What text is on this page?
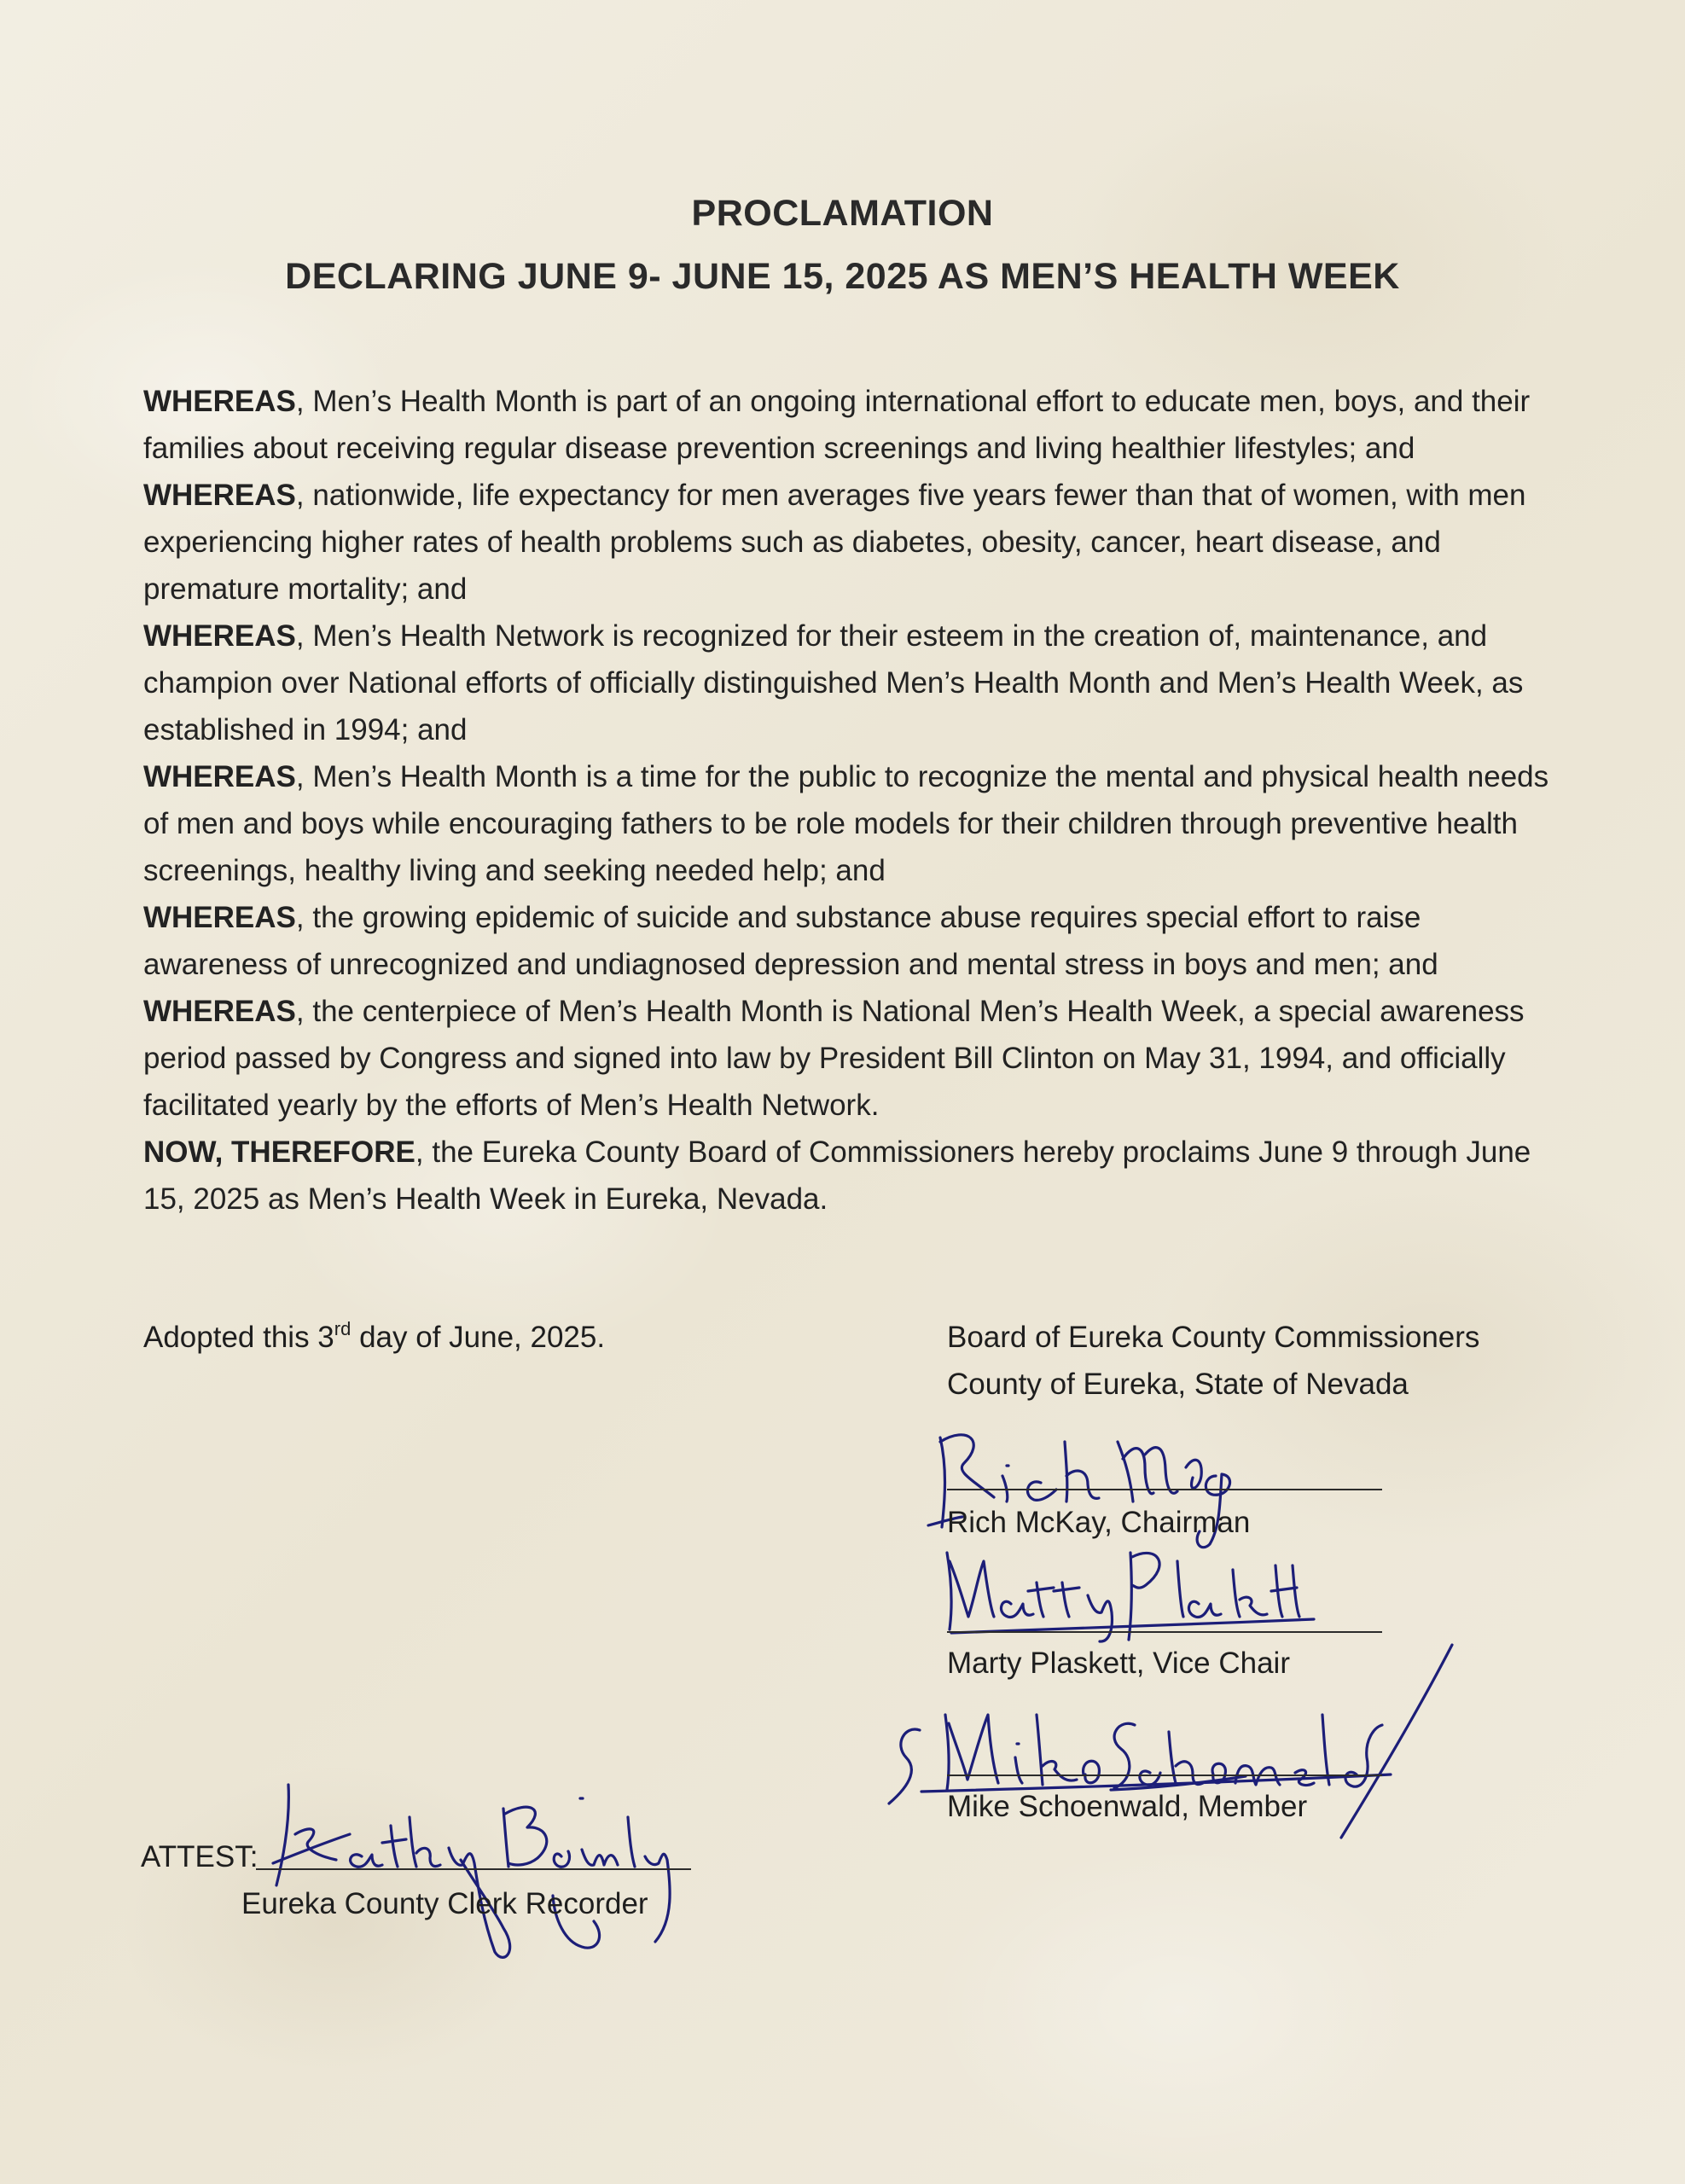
PROCLAMATION
DECLARING JUNE 9- JUNE 15, 2025 AS MEN’S HEALTH WEEK

WHEREAS, Men’s Health Month is part of an ongoing international effort to educate men, boys, and their families about receiving regular disease prevention screenings and living healthier lifestyles; and

WHEREAS, nationwide, life expectancy for men averages five years fewer than that of women, with men experiencing higher rates of health problems such as diabetes, obesity, cancer, heart disease, and premature mortality; and

WHEREAS, Men’s Health Network is recognized for their esteem in the creation of, maintenance, and champion over National efforts of officially distinguished Men’s Health Month and Men’s Health Week, as established in 1994; and

WHEREAS, Men’s Health Month is a time for the public to recognize the mental and physical health needs of men and boys while encouraging fathers to be role models for their children through preventive health screenings, healthy living and seeking needed help; and

WHEREAS, the growing epidemic of suicide and substance abuse requires special effort to raise awareness of unrecognized and undiagnosed depression and mental stress in boys and men; and

WHEREAS, the centerpiece of Men’s Health Month is National Men’s Health Week, a special awareness period passed by Congress and signed into law by President Bill Clinton on May 31, 1994, and officially facilitated yearly by the efforts of Men’s Health Network.

NOW, THEREFORE, the Eureka County Board of Commissioners hereby proclaims June 9 through June 15, 2025 as Men’s Health Week in Eureka, Nevada.

Adopted this 3rd day of June, 2025.	Board of Eureka County Commissioners
County of Eureka, State of Nevada
Rich McKay, Chairman
Marty Plaskett, Vice Chair
Mike Schoenwald, Member
ATTEST:
Eureka County Clerk Recorder
